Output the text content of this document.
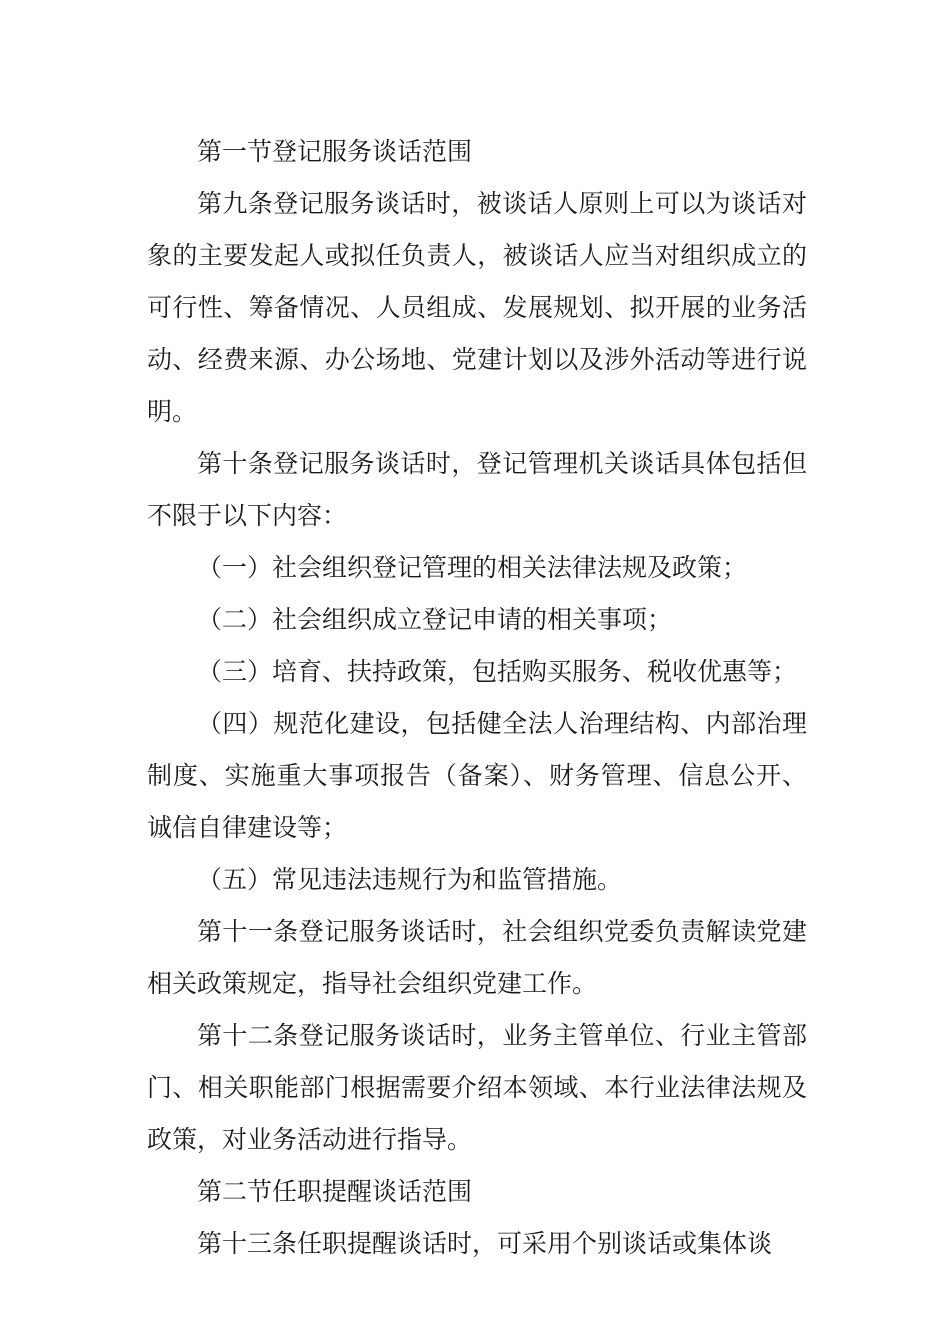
第一节登记服务谈话范围

第九条登记服务谈话时，被谈话人原则上可以为谈话对象的主要发起人或拟任负责人，被谈话人应当对组织成立的可行性、筹备情况、人员组成、发展规划、拟开展的业务活动、经费来源、办公场地、党建计划以及涉外活动等进行说明。

第十条登记服务谈话时，登记管理机关谈话具体包括但不限于以下内容：

（一）社会组织登记管理的相关法律法规及政策；

（二）社会组织成立登记申请的相关事项；

（三）培育、扶持政策，包括购买服务、税收优惠等；

（四）规范化建设，包括健全法人治理结构、内部治理制度、实施重大事项报告（备案）、财务管理、信息公开、诚信自律建设等；

（五）常见违法违规行为和监管措施。

第十一条登记服务谈话时，社会组织党委负责解读党建相关政策规定，指导社会组织党建工作。

第十二条登记服务谈话时，业务主管单位、行业主管部门、相关职能部门根据需要介绍本领域、本行业法律法规及政策，对业务活动进行指导。

第二节任职提醒谈话范围

第十三条任职提醒谈话时，可采用个别谈话或集体谈
